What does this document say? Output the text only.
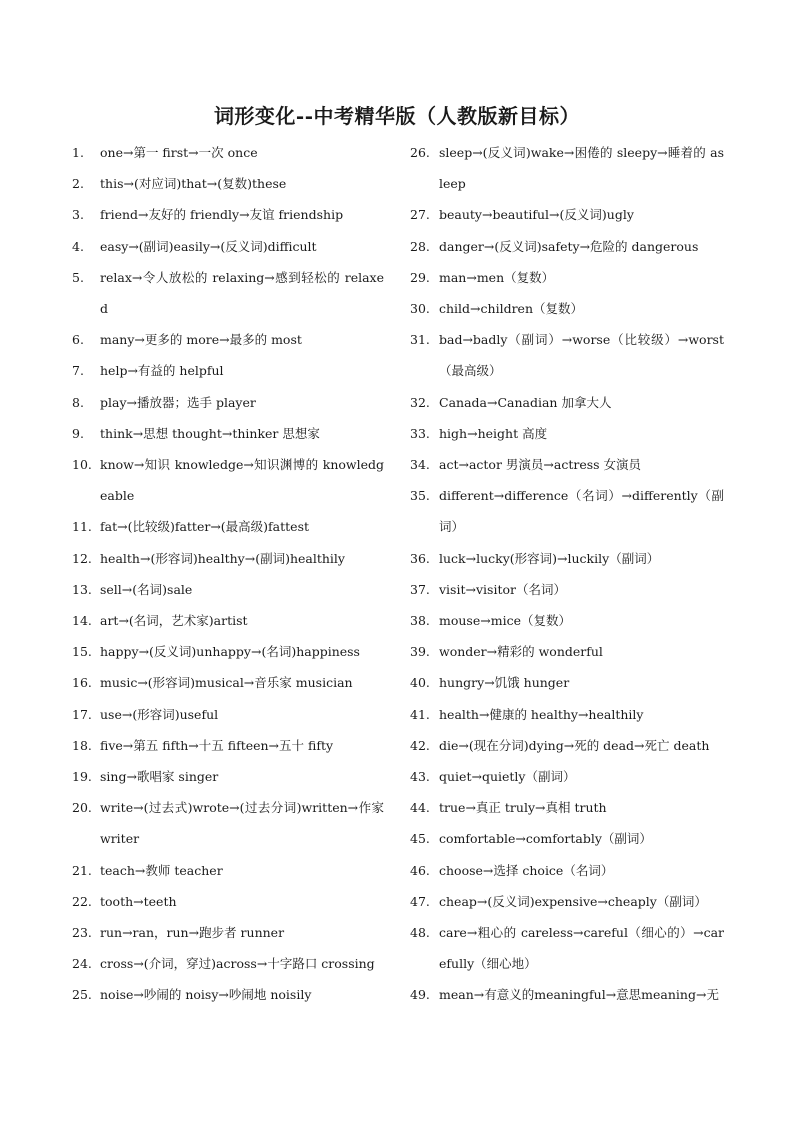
词形变化--中考精华版（人教版新目标）
1.	one→第一 first→一次 once
2.	this→(对应词)that→(复数)these
3.	friend→友好的 friendly→友谊 friendship
4.	easy→(副词)easily→(反义词)difficult
5.	relax→令人放松的 relaxing→感到轻松的 relaxed
6.	many→更多的 more→最多的 most
7.	help→有益的 helpful
8.	play→播放器；选手 player
9.	think→思想 thought→thinker 思想家
10. know→知识 knowledge→知识渊博的 knowledgeable
11. fat→(比较级)fatter→(最高级)fattest
12. health→(形容词)healthy→(副词)healthily
13. sell→(名词)sale
14. art→(名词，艺术家)artist
15. happy→(反义词)unhappy→(名词)happiness
16. music→(形容词)musical→音乐家 musician
17. use→(形容词)useful
18. five→第五 fifth→十五 fifteen→五十 fifty
19. sing→歌唱家 singer
20. write→(过去式)wrote→(过去分词)written→作家 writer
21. teach→教师 teacher
22. tooth→teeth
23. run→ran，run→跑步者 runner
24. cross→(介词，穿过)across→十字路口 crossing
25. noise→吵闹的 noisy→吵闹地 noisily
26. sleep→(反义词)wake→困倦的 sleepy→睡着的 asleep
27. beauty→beautiful→(反义词)ugly
28. danger→(反义词)safety→危险的 dangerous
29. man→men（复数）
30. child→children（复数）
31. bad→badly（副词）→worse（比较级）→worst（最高级）
32. Canada→Canadian 加拿大人
33. high→height 高度
34. act→actor 男演员→actress 女演员
35. different→difference（名词）→differently（副词）
36. luck→lucky(形容词)→luckily（副词）
37. visit→visitor（名词）
38. mouse→mice（复数）
39. wonder→精彩的 wonderful
40. hungry→饥饿 hunger
41. health→健康的 healthy→healthily
42. die→(现在分词)dying→死的 dead→死亡 death
43. quiet→quietly（副词）
44. true→真正 truly→真相 truth
45. comfortable→comfortably（副词）
46. choose→选择 choice（名词）
47. cheap→(反义词)expensive→cheaply（副词）
48. care→粗心的 careless→careful（细心的）→carefully（细心地）
49. mean→有意义的meaningful→意思meaning→无
